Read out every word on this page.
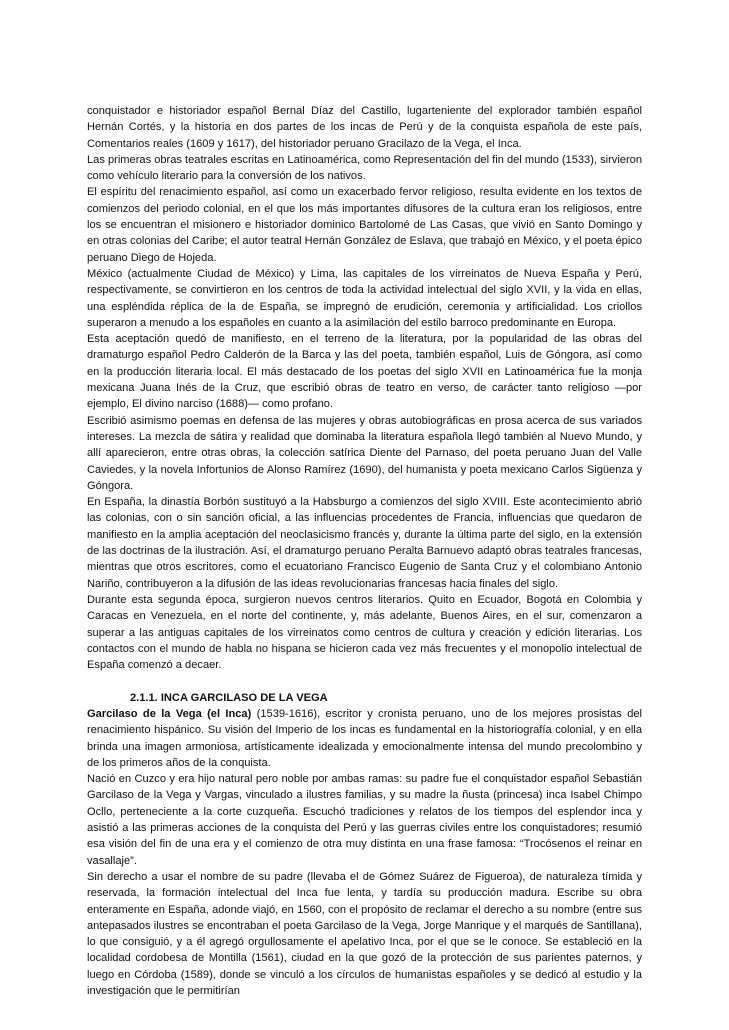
conquistador e historiador español Bernal Díaz del Castillo, lugarteniente del explorador también español Hernán Cortés, y la historia en dos partes de los incas de Perú y de la conquista española de este país, Comentarios reales (1609 y 1617), del historiador peruano Gracilazo de la Vega, el Inca.

Las primeras obras teatrales escritas en Latinoamérica, como Representación del fin del mundo (1533), sirvieron como vehículo literario para la conversión de los nativos.

El espíritu del renacimiento español, así como un exacerbado fervor religioso, resulta evidente en los textos de comienzos del periodo colonial, en el que los más importantes difusores de la cultura eran los religiosos, entre los se encuentran el misionero e historiador dominico Bartolomé de Las Casas, que vivió en Santo Domingo y en otras colonias del Caribe; el autor teatral Hernán González de Eslava, que trabajó en México, y el poeta épico peruano Diego de Hojeda.

México (actualmente Ciudad de México) y Lima, las capitales de los virreinatos de Nueva España y Perú, respectivamente, se convirtieron en los centros de toda la actividad intelectual del siglo XVII, y la vida en ellas, una espléndida réplica de la de España, se impregnó de erudición, ceremonia y artificialidad. Los criollos superaron a menudo a los españoles en cuanto a la asimilación del estilo barroco predominante en Europa.

Esta aceptación quedó de manifiesto, en el terreno de la literatura, por la popularidad de las obras del dramaturgo español Pedro Calderón de la Barca y las del poeta, también español, Luis de Góngora, así como en la producción literaria local. El más destacado de los poetas del siglo XVII en Latinoamérica fue la monja mexicana Juana Inés de la Cruz, que escribió obras de teatro en verso, de carácter tanto religioso —por ejemplo, El divino narciso (1688)— como profano.

Escribió asimismo poemas en defensa de las mujeres y obras autobiográficas en prosa acerca de sus variados intereses. La mezcla de sátira y realidad que dominaba la literatura española llegó también al Nuevo Mundo, y allí aparecieron, entre otras obras, la colección satírica Diente del Parnaso, del poeta peruano Juan del Valle Caviedes, y la novela Infortunios de Alonso Ramírez (1690), del humanista y poeta mexicano Carlos Sigüenza y Góngora.

En España, la dinastía Borbón sustituyó a la Habsburgo a comienzos del siglo XVIII. Este acontecimiento abrió las colonias, con o sin sanción oficial, a las influencias procedentes de Francia, influencias que quedaron de manifiesto en la amplia aceptación del neoclasicismo francés y, durante la última parte del siglo, en la extensión de las doctrinas de la ilustración. Así, el dramaturgo peruano Peralta Barnuevo adaptó obras teatrales francesas, mientras que otros escritores, como el ecuatoriano Francisco Eugenio de Santa Cruz y el colombiano Antonio Nariño, contribuyeron a la difusión de las ideas revolucionarias francesas hacia finales del siglo.

Durante esta segunda época, surgieron nuevos centros literarios. Quito en Ecuador, Bogotá en Colombia y Caracas en Venezuela, en el norte del continente, y, más adelante, Buenos Aires, en el sur, comenzaron a superar a las antiguas capitales de los virreinatos como centros de cultura y creación y edición literarias. Los contactos con el mundo de habla no hispana se hicieron cada vez más frecuentes y el monopolio intelectual de España comenzó a decaer.

2.1.1. INCA GARCILASO DE LA VEGA

Garcilaso de la Vega (el Inca) (1539-1616), escritor y cronista peruano, uno de los mejores prosistas del renacimiento hispánico. Su visión del Imperio de los incas es fundamental en la historiografía colonial, y en ella brinda una imagen armoniosa, artísticamente idealizada y emocionalmente intensa del mundo precolombino y de los primeros años de la conquista.

Nació en Cuzco y era hijo natural pero noble por ambas ramas: su padre fue el conquistador español Sebastián Garcilaso de la Vega y Vargas, vinculado a ilustres familias, y su madre la ñusta (princesa) inca Isabel Chimpo Ocllo, perteneciente a la corte cuzqueña. Escuchó tradiciones y relatos de los tiempos del esplendor inca y asistió a las primeras acciones de la conquista del Perú y las guerras civiles entre los conquistadores; resumió esa visión del fin de una era y el comienzo de otra muy distinta en una frase famosa: “Trocósenos el reinar en vasallaje”.

Sin derecho a usar el nombre de su padre (llevaba el de Gómez Suárez de Figueroa), de naturaleza tímida y reservada, la formación intelectual del Inca fue lenta, y tardía su producción madura. Escribe su obra enteramente en España, adonde viajó, en 1560, con el propósito de reclamar el derecho a su nombre (entre sus antepasados ilustres se encontraban el poeta Garcilaso de la Vega, Jorge Manrique y el marqués de Santillana), lo que consiguió, y a él agregó orgullosamente el apelativo Inca, por el que se le conoce. Se estableció en la localidad cordobesa de Montilla (1561), ciudad en la que gozó de la protección de sus parientes paternos, y luego en Córdoba (1589), donde se vinculó a los círculos de humanistas españoles y se dedicó al estudio y la investigación que le permitirían
